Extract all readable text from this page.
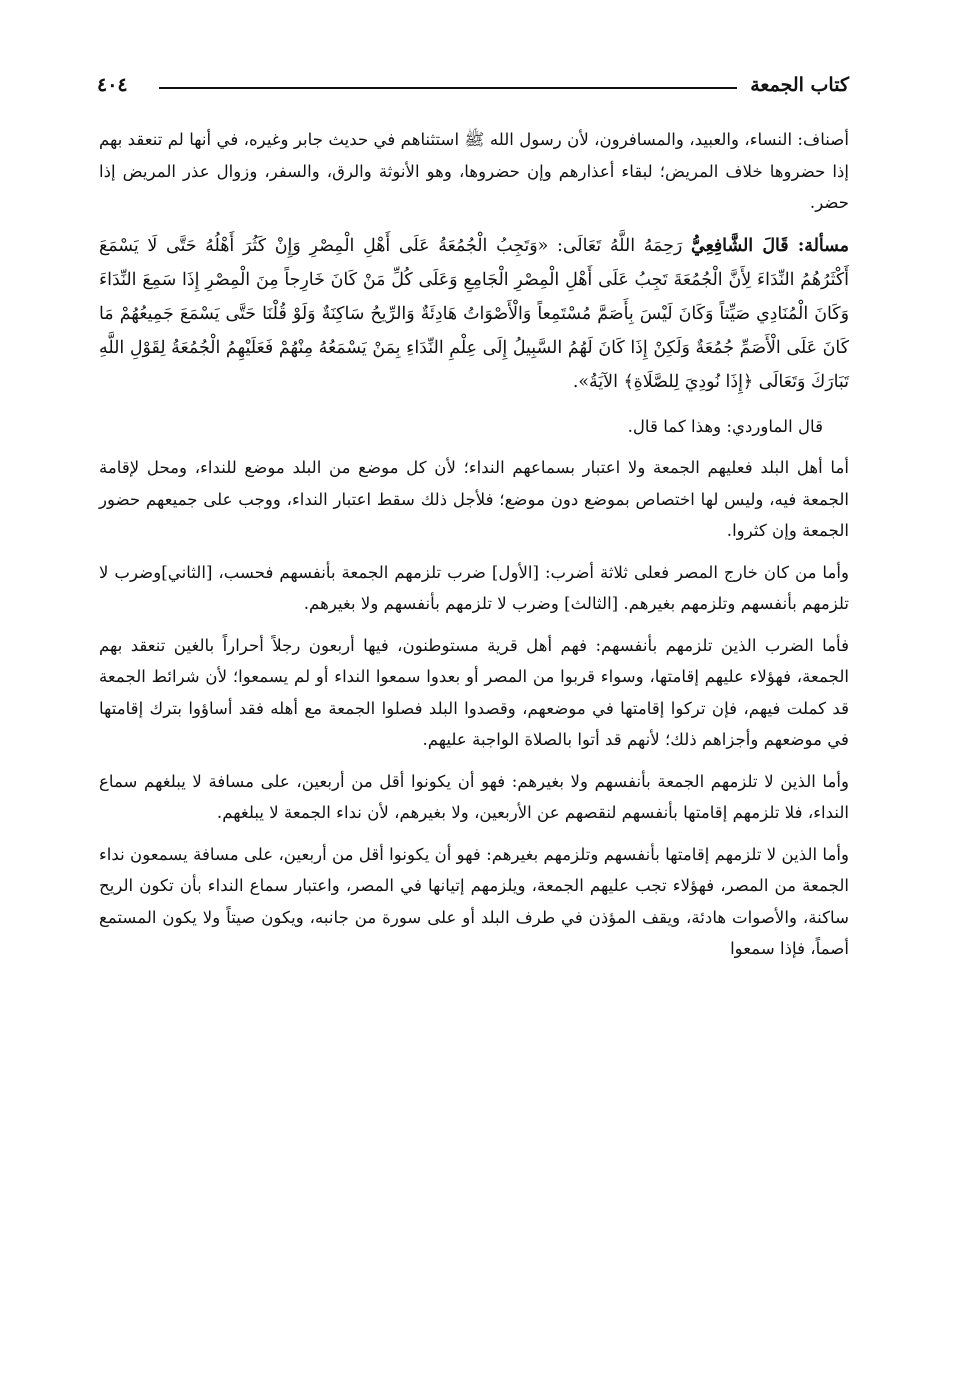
كتاب الجمعة
٤٠٤

أصناف: النساء، والعبيد، والمسافرون، لأن رسول الله ﷺ استثناهم في حديث جابر وغيره، في أنها لم تنعقد بهم إذا حضروها خلاف المريض؛ لبقاء أعذارهم وإن حضروها، وهو الأنوثة والرق، والسفر، وزوال عذر المريض إذا حضر.

مسألة: قَالَ الشَّافِعِيُّ رَحِمَهُ اللَّهُ تَعَالَى: «وَتَجِبُ الْجُمُعَةُ عَلَى أَهْلِ الْمِصْرِ وَإِنْ كَثُرَ أَهْلُهُ حَتَّى لَا يَسْمَعَ أَكْثَرُهُمُ النِّدَاءَ لِأَنَّ الْجُمُعَةَ تَجِبُ عَلَى أَهْلِ الْمِصْرِ الْجَامِعِ وَعَلَى كُلِّ مَنْ كَانَ خَارِجاً مِنَ الْمِصْرِ إِذَا سَمِعَ النِّدَاءَ وَكَانَ الْمُنَادِي صَيِّتاً وَكَانَ لَيْسَ بِأَصَمَّ مُسْتَمِعاً وَالْأَصْوَاتُ هَادِئَةٌ وَالرِّيحُ سَاكِنَةٌ وَلَوْ قُلْنَا حَتَّى يَسْمَعَ جَمِيعُهُمْ مَا كَانَ عَلَى الْأَصَمِّ جُمُعَةٌ وَلَكِنْ إِذَا كَانَ لَهُمُ السَّبِيلُ إِلَى عِلْمِ النِّدَاءِ بِمَنْ يَسْمَعُهُ مِنْهُمْ فَعَلَيْهِمُ الْجُمُعَةُ لِقَوْلِ اللَّهِ تَبَارَكَ وَتَعَالَى ﴿إِذَا نُودِيَ لِلصَّلَاةِ﴾ الآيَةُ».

قال الماوردي: وهذا كما قال.

أما أهل البلد فعليهم الجمعة ولا اعتبار بسماعهم النداء؛ لأن كل موضع من البلد موضع للنداء، ومحل لإقامة الجمعة فيه، وليس لها اختصاص بموضع دون موضع؛ فلأجل ذلك سقط اعتبار النداء، ووجب على جميعهم حضور الجمعة وإن كثروا.

وأما من كان خارج المصر فعلى ثلاثة أضرب: [الأول] ضرب تلزمهم الجمعة بأنفسهم فحسب، [الثاني]وضرب لا تلزمهم بأنفسهم وتلزمهم بغيرهم. [الثالث] وضرب لا تلزمهم بأنفسهم ولا بغيرهم.

فأما الضرب الذين تلزمهم بأنفسهم: فهم أهل قرية مستوطنون، فيها أربعون رجلاً أحراراً بالغين تنعقد بهم الجمعة، فهؤلاء عليهم إقامتها، وسواء قربوا من المصر أو بعدوا سمعوا النداء أو لم يسمعوا؛ لأن شرائط الجمعة قد كملت فيهم، فإن تركوا إقامتها في موضعهم، وقصدوا البلد فصلوا الجمعة مع أهله فقد أساؤوا بترك إقامتها في موضعهم وأجزاهم ذلك؛ لأنهم قد أتوا بالصلاة الواجبة عليهم.

وأما الذين لا تلزمهم الجمعة بأنفسهم ولا بغيرهم: فهو أن يكونوا أقل من أربعين، على مسافة لا يبلغهم سماع النداء، فلا تلزمهم إقامتها بأنفسهم لنقصهم عن الأربعين، ولا بغيرهم، لأن نداء الجمعة لا يبلغهم.

وأما الذين لا تلزمهم إقامتها بأنفسهم وتلزمهم بغيرهم: فهو أن يكونوا أقل من أربعين، على مسافة يسمعون نداء الجمعة من المصر، فهؤلاء تجب عليهم الجمعة، ويلزمهم إتيانها في المصر، واعتبار سماع النداء بأن تكون الريح ساكنة، والأصوات هادئة، ويقف المؤذن في طرف البلد أو على سورة من جانبه، ويكون صيتاً ولا يكون المستمع أصماً، فإذا سمعوا
